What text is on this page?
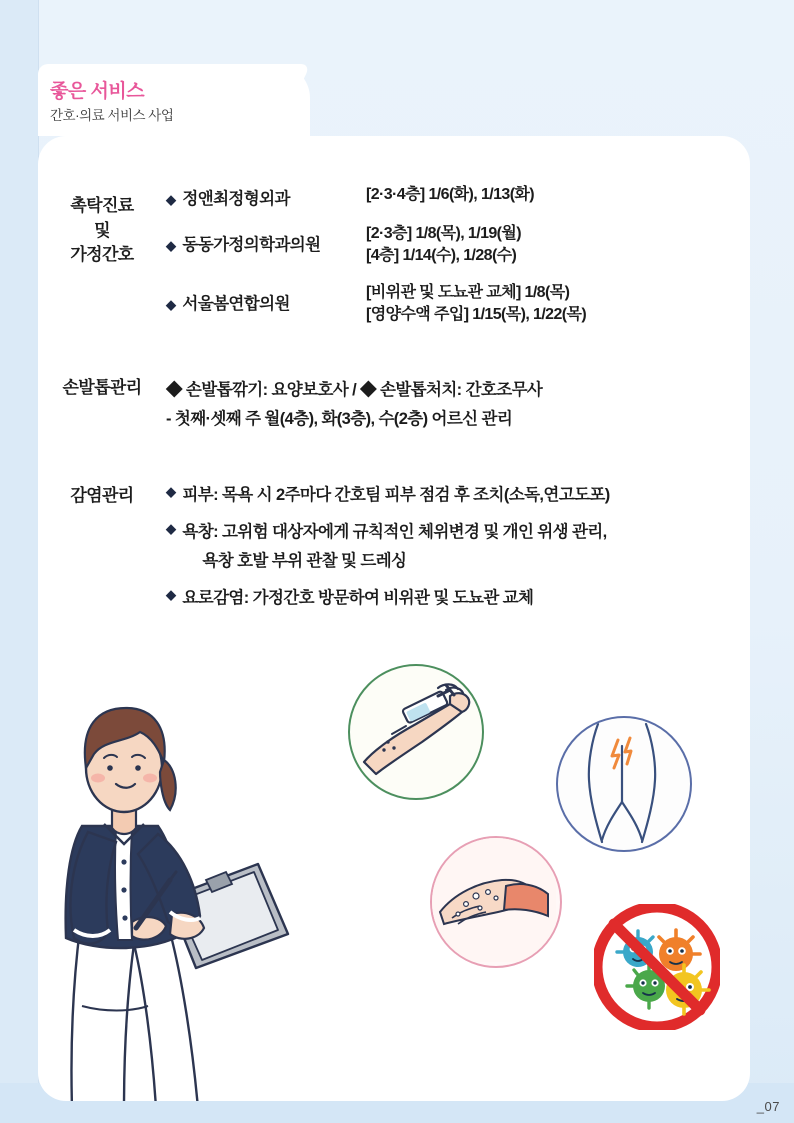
좋은 서비스
간호·의료 서비스 사업
촉탁진료
및
가정간호
◆ 정앤최정형외과	[2·3·4층] 1/6(화), 1/13(화)
◆ 동동가정의학과의원
[2·3층] 1/8(목), 1/19(월)
[4층] 1/14(수), 1/28(수)
◆ 서울봄연합의원
[비위관 및 도뇨관 교체] 1/8(목)
[영양수액 주입] 1/15(목), 1/22(목)
손발톱관리	◆ 손발톱깎기: 요양보호사 / ◆ 손발톱처치: 간호조무사
- 첫째·셋째 주 월(4층), 화(3층), 수(2층) 어르신 관리
감염관리	◆ 피부: 목욕 시 2주마다 간호팀 피부 점검 후 조치(소독,연고도포)
◆ 욕창: 고위험 대상자에게 규칙적인 체위변경 및 개인 위생 관리,
욕창 호발 부위 관찰 및 드레싱
◆ 요로감염: 가정간호 방문하여 비위관 및 도뇨관 교체
_07
